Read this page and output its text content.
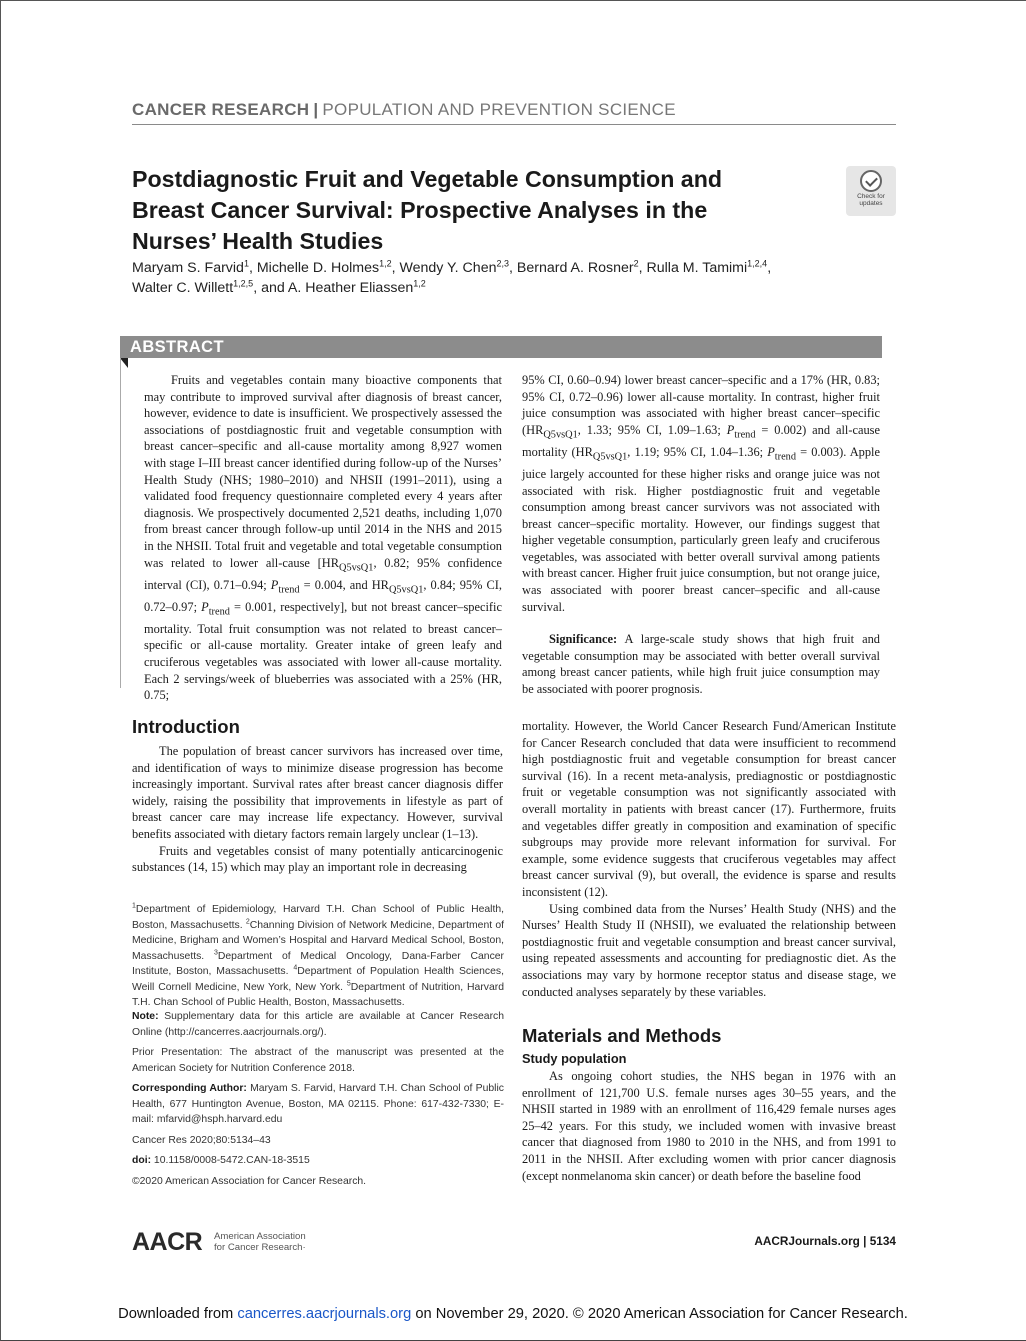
CANCER RESEARCH | POPULATION AND PREVENTION SCIENCE
Postdiagnostic Fruit and Vegetable Consumption and Breast Cancer Survival: Prospective Analyses in the Nurses’ Health Studies
Check for updates
Maryam S. Farvid$^1$, Michelle D. Holmes$^{1,2}$, Wendy Y. Chen$^{2,3}$, Bernard A. Rosner$^2$, Rulla M. Tamimi$^{1,2,4}$,
Walter C. Willett$^{1,2,5}$, and A. Heather Eliassen$^{1,2}$
ABSTRACT

Fruits and vegetables contain many bioactive components that may contribute to improved survival after diagnosis of breast cancer, however, evidence to date is insufficient. We prospectively assessed the associations of postdiagnostic fruit and vegetable consumption with breast cancer–specific and all-cause mortality among 8,927 women with stage I–III breast cancer identified during follow-up of the Nurses’ Health Study (NHS; 1980–2010) and NHSII (1991–2011), using a validated food frequency questionnaire completed every 4 years after diagnosis. We prospectively documented 2,521 deaths, including 1,070 from breast cancer through follow-up until 2014 in the NHS and 2015 in the NHSII. Total fruit and vegetable and total vegetable consumption was related to lower all-cause [$HR_{Q5vsQ1}$, 0.82; 95% confidence interval (CI), 0.71–0.94; $P_{trend} = 0.004$, and $HR_{Q5vsQ1}$, 0.84; 95% CI, 0.72–0.97; $P_{trend} = 0.001$, respectively], but not breast cancer–specific mortality. Total fruit consumption was not related to breast cancer–specific or all-cause mortality. Greater intake of green leafy and cruciferous vegetables was associated with lower all-cause mortality. Each 2 servings/week of blueberries was associated with a 25% (HR, 0.75;

95% CI, 0.60–0.94) lower breast cancer–specific and a 17% (HR, 0.83; 95% CI, 0.72–0.96) lower all-cause mortality. In contrast, higher fruit juice consumption was associated with higher breast cancer–specific ($HR_{Q5vsQ1}$, 1.33; 95% CI, 1.09–1.63; $P_{trend} = 0.002$) and all-cause mortality ($HR_{Q5vsQ1}$, 1.19; 95% CI, 1.04–1.36; $P_{trend} = 0.003$). Apple juice largely accounted for these higher risks and orange juice was not associated with risk. Higher postdiagnostic fruit and vegetable consumption among breast cancer survivors was not associated with breast cancer–specific mortality. However, our findings suggest that higher vegetable consumption, particularly green leafy and cruciferous vegetables, was associated with better overall survival among patients with breast cancer. Higher fruit juice consumption, but not orange juice, was associated with poorer breast cancer–specific and all-cause survival.

Significance: A large-scale study shows that high fruit and vegetable consumption may be associated with better overall survival among breast cancer patients, while high fruit juice consumption may be associated with poorer prognosis.

Introduction

The population of breast cancer survivors has increased over time, and identification of ways to minimize disease progression has become increasingly important. Survival rates after breast cancer diagnosis differ widely, raising the possibility that improvements in lifestyle as part of breast cancer care may increase life expectancy. However, survival benefits associated with dietary factors remain largely unclear (1–13).

Fruits and vegetables consist of many potentially anticarcinogenic substances (14, 15) which may play an important role in decreasing

mortality. However, the World Cancer Research Fund/American Institute for Cancer Research concluded that data were insufficient to recommend high postdiagnostic fruit and vegetable consumption for breast cancer survival (16). In a recent meta-analysis, prediagnostic or postdiagnostic fruit or vegetable consumption was not significantly associated with overall mortality in patients with breast cancer (17). Furthermore, fruits and vegetables differ greatly in composition and examination of specific subgroups may provide more relevant information for survival. For example, some evidence suggests that cruciferous vegetables may affect breast cancer survival (9), but overall, the evidence is sparse and results inconsistent (12).

Using combined data from the Nurses’ Health Study (NHS) and the Nurses’ Health Study II (NHSII), we evaluated the relationship between postdiagnostic fruit and vegetable consumption and breast cancer survival, using repeated assessments and accounting for prediagnostic diet. As the associations may vary by hormone receptor status and disease stage, we conducted analyses separately by these variables.

Materials and Methods
Study population

As ongoing cohort studies, the NHS began in 1976 with an enrollment of 121,700 U.S. female nurses ages 30–55 years, and the NHSII started in 1989 with an enrollment of 116,429 female nurses ages 25–42 years. For this study, we included women with invasive breast cancer that diagnosed from 1980 to 2010 in the NHS, and from 1991 to 2011 in the NHSII. After excluding women with prior cancer diagnosis (except nonmelanoma skin cancer) or death before the baseline food

$^1$Department of Epidemiology, Harvard T.H. Chan School of Public Health, Boston, Massachusetts. $^2$Channing Division of Network Medicine, Department of Medicine, Brigham and Women’s Hospital and Harvard Medical School, Boston, Massachusetts. $^3$Department of Medical Oncology, Dana-Farber Cancer Institute, Boston, Massachusetts. $^4$Department of Population Health Sciences, Weill Cornell Medicine, New York, New York. $^5$Department of Nutrition, Harvard T.H. Chan School of Public Health, Boston, Massachusetts.

Note: Supplementary data for this article are available at Cancer Research Online (http://cancerres.aacrjournals.org/).

Prior Presentation: The abstract of the manuscript was presented at the American Society for Nutrition Conference 2018.

Corresponding Author: Maryam S. Farvid, Harvard T.H. Chan School of Public Health, 677 Huntington Avenue, Boston, MA 02115. Phone: 617-432-7330; E-mail: mfarvid@hsph.harvard.edu

Cancer Res 2020;80:5134–43

doi: 10.1158/0008-5472.CAN-18-3515

©2020 American Association for Cancer Research.

AACR American Association
for Cancer Research·	AACRJournals.org | 5134
Downloaded from cancerres.aacrjournals.org on November 29, 2020. © 2020 American Association for Cancer Research.
